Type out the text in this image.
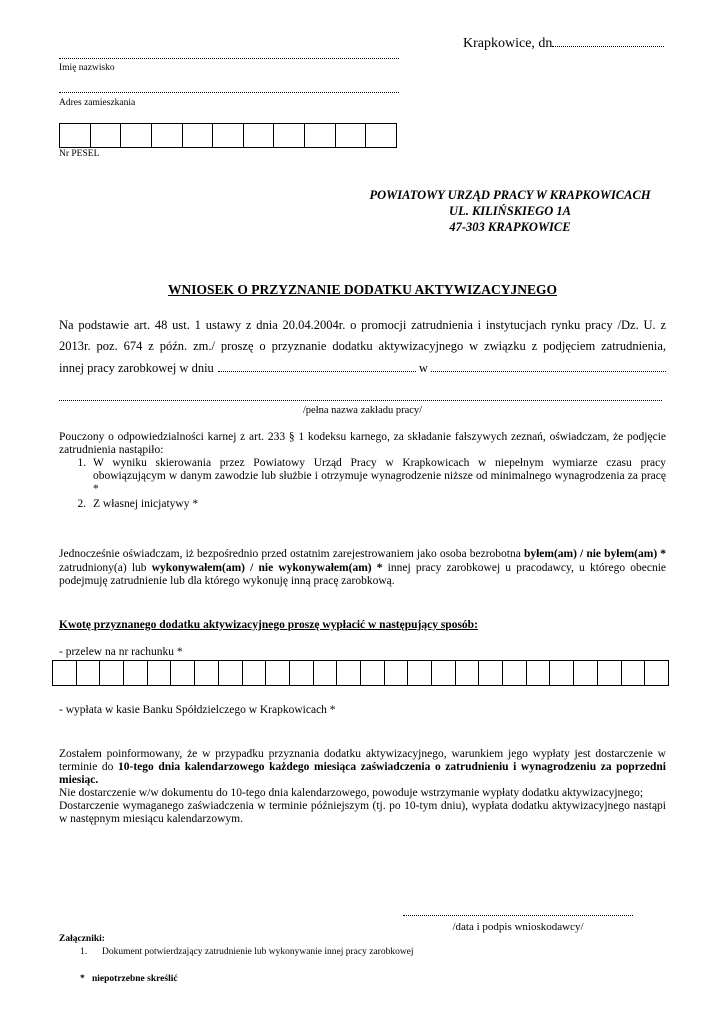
Krapkowice, dn
Imię nazwisko
Adres zamieszkania
Nr PESEL
POWIATOWY URZĄD PRACY W KRAPKOWICACH
UL. KILIŃSKIEGO 1A
47-303 KRAPKOWICE
WNIOSEK O PRZYZNANIE DODATKU AKTYWIZACYJNEGO
Na podstawie art. 48 ust. 1 ustawy z dnia 20.04.2004r. o promocji zatrudnienia i instytucjach rynku pracy /Dz. U. z
2013r. poz. 674 z późn. zm./ proszę o przyznanie dodatku aktywizacyjnego w związku z podjęciem zatrudnienia,
innej pracy zarobkowej w dniu	w
/pełna nazwa zakładu pracy/
Pouczony o odpowiedzialności karnej z art. 233 § 1 kodeksu karnego, za składanie fałszywych zeznań, oświadczam, że podjęcie zatrudnienia nastąpiło:
1. W wyniku skierowania przez Powiatowy Urząd Pracy w Krapkowicach w niepełnym wymiarze czasu pracy obowiązującym w danym zawodzie lub służbie i otrzymuje wynagrodzenie niższe od minimalnego wynagrodzenia za pracę *
2. Z własnej inicjatywy *
Jednocześnie oświadczam, iż bezpośrednio przed ostatnim zarejestrowaniem jako osoba bezrobotna byłem(am) / nie byłem(am) * zatrudniony(a) lub wykonywałem(am) / nie wykonywałem(am) * innej pracy zarobkowej u pracodawcy, u którego obecnie podejmuję zatrudnienie lub dla którego wykonuję inną pracę zarobkową.
Kwotę przyznanego dodatku aktywizacyjnego proszę wypłacić w następujący sposób:
- przelew na nr rachunku *
- wypłata w kasie Banku Spółdzielczego w Krapkowicach *
Zostałem poinformowany, że w przypadku przyznania dodatku aktywizacyjnego, warunkiem jego wypłaty jest dostarczenie w terminie do 10-tego dnia kalendarzowego każdego miesiąca zaświadczenia o zatrudnieniu i wynagrodzeniu za poprzedni miesiąc.
Nie dostarczenie w/w dokumentu do 10-tego dnia kalendarzowego, powoduje wstrzymanie wypłaty dodatku aktywizacyjnego;
Dostarczenie wymaganego zaświadczenia w terminie późniejszym (tj. po 10-tym dniu), wypłata dodatku aktywizacyjnego nastąpi w następnym miesiącu kalendarzowym.
/data i podpis wnioskodawcy/
Załączniki:
1. Dokument potwierdzający zatrudnienie lub wykonywanie innej pracy zarobkowej
* niepotrzebne skreślić
